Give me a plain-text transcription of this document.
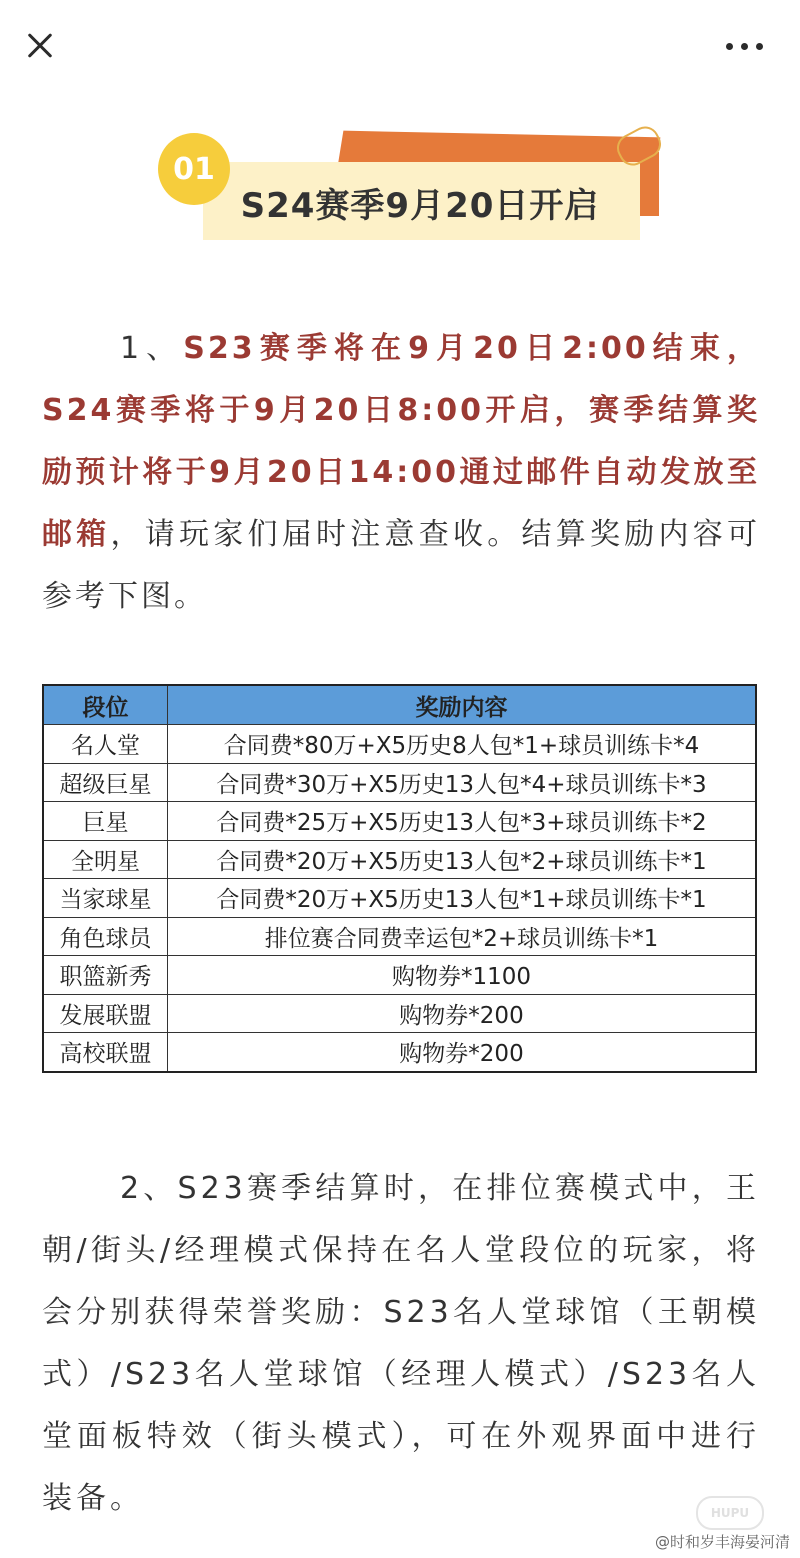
01
S24赛季9月20日开启

1、S23赛季将在9月20日2:00结束，S24赛季将于9月20日8:00开启，赛季结算奖励预计将于9月20日14:00通过邮件自动发放至邮箱，请玩家们届时注意查收。结算奖励内容可参考下图。

段位	奖励内容
名人堂	合同费*80万+X5历史8人包*1+球员训练卡*4
超级巨星	合同费*30万+X5历史13人包*4+球员训练卡*3
巨星	合同费*25万+X5历史13人包*3+球员训练卡*2
全明星	合同费*20万+X5历史13人包*2+球员训练卡*1
当家球星	合同费*20万+X5历史13人包*1+球员训练卡*1
角色球员	排位赛合同费幸运包*2+球员训练卡*1
职篮新秀	购物券*1100
发展联盟	购物券*200
高校联盟	购物券*200

2、S23赛季结算时，在排位赛模式中，王朝/街头/经理模式保持在名人堂段位的玩家，将会分别获得荣誉奖励：S23名人堂球馆（王朝模式）/S23名人堂球馆（经理人模式）/S23名人堂面板特效（街头模式），可在外观界面中进行装备。	HUPU
@时和岁丰海晏河清
